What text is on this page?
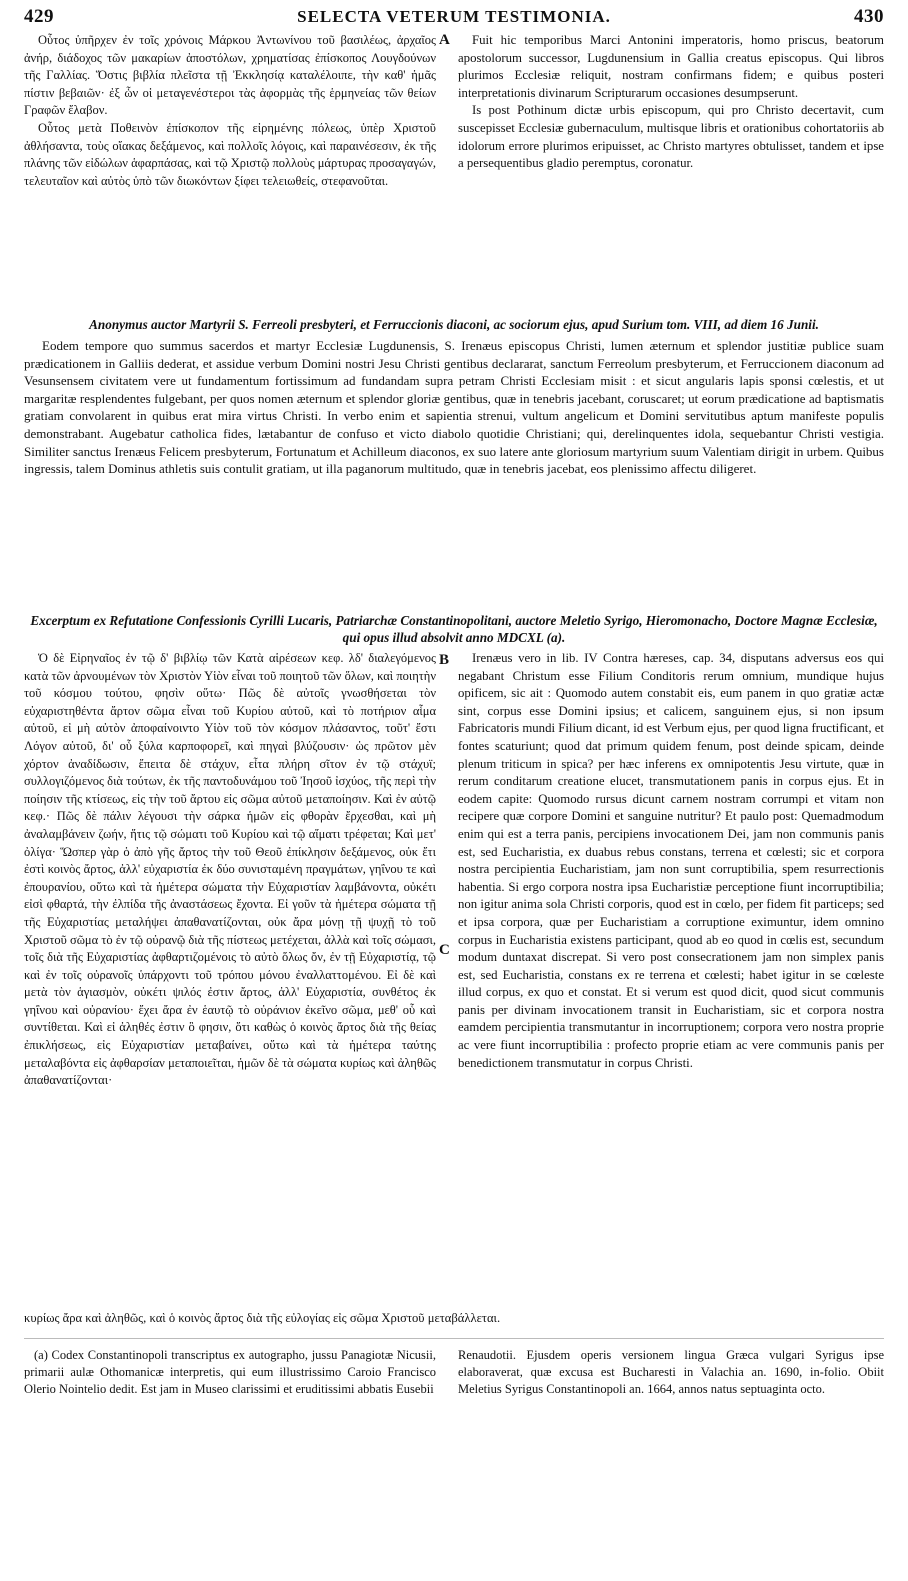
429	SELECTA VETERUM TESTIMONIA.	430

Οὗτος ὑπῆρχεν ἐν τοῖς χρόνοις Μάρκου Ἀντωνίνου τοῦ βασιλέως, ἀρχαῖος ἀνήρ, διάδοχος τῶν μακαρίων ἀποστόλων, χρηματίσας ἐπίσκοπος Λουγδούνων τῆς Γαλλίας. Ὅστις βιβλία πλεῖστα τῇ Ἐκκλησίᾳ καταλέλοιπε, τὴν καθ' ἡμᾶς πίστιν βεβαιῶν· ἐξ ὧν οἱ μεταγενέστεροι τὰς ἀφορμὰς τῆς ἑρμηνείας τῶν θείων Γραφῶν ἔλαβον.

Οὗτος μετὰ Ποθεινὸν ἐπίσκοπον τῆς εἰρημένης πόλεως, ὑπὲρ Χριστοῦ ἀθλήσαντα, τοὺς οἴακας δεξάμενος, καὶ πολλοῖς λόγοις, καὶ παραινέσεσιν, ἐκ τῆς πλάνης τῶν εἰδώλων ἁφαρπάσας, καὶ τῷ Χριστῷ πολλοὺς μάρτυρας προσαγαγών, τελευταῖον καὶ αὐτὸς ὑπὸ τῶν διωκόντων ξίφει τελειωθείς, στεφανοῦται.

A	Fuit hic temporibus Marci Antonini imperatoris, homo priscus, beatorum apostolorum successor, Lugdunensium in Gallia creatus episcopus. Qui libros plurimos Ecclesiæ reliquit, nostram confirmans fidem; e quibus posteri interpretationis divinarum Scripturarum occasiones desumpserunt.

Is post Pothinum dictæ urbis episcopum, qui pro Christo decertavit, cum suscepisset Ecclesiæ gubernaculum, multisque libris et orationibus cohortatoriis ab idolorum errore plurimos eripuisset, ac Christo martyres obtulisset, tandem et ipse a persequentibus gladio peremptus, coronatur.

Anonymus auctor Martyrii S. Ferreoli presbyteri, et Ferruccionis diaconi, ac sociorum ejus, apud Surium tom. VIII, ad diem 16 Junii.

Eodem tempore quo summus sacerdos et martyr Ecclesiæ Lugdunensis, S. Irenæus episcopus Christi, lumen æternum et splendor justitiæ publice suam prædicationem in Galliis dederat, et assidue verbum Domini nostri Jesu Christi gentibus declararat, sanctum Ferreolum presbyterum, et Ferruccionem diaconum ad Vesunsensem civitatem vere ut fundamentum fortissimum ad fundandam supra petram Christi Ecclesiam misit : et sicut angularis lapis sponsi cœlestis, et ut margaritæ resplendentes fulgebant, per quos nomen æternum et splendor gloriæ gentibus, quæ in tenebris jacebant, coruscaret; ut eorum prædicatione ad baptismatis gratiam convolarent in quibus erat mira virtus Christi. In verbo enim et sapientia strenui, vultum angelicum et Domini servitutibus aptum manifeste populis demonstrabant. Augebatur catholica fides, lætabantur de confuso et victo diabolo quotidie Christiani; qui, derelinquentes idola, sequebantur Christi vestigia. Similiter sanctus Irenæus Felicem presbyterum, Fortunatum et Achilleum diaconos, ex suo latere ante gloriosum martyrium suum Valentiam dirigit in urbem. Quibus ingressis, talem Dominus athletis suis contulit gratiam, ut illa paganorum multitudo, quæ in tenebris jacebat, eos plenissimo affectu diligeret.

Excerptum ex Refutatione Confessionis Cyrilli Lucaris, Patriarchæ Constantinopolitani, auctore Meletio Syrigo, Hieromonacho, Doctore Magnæ Ecclesiæ, qui opus illud absolvit anno MDCXL (a).

Ὁ δὲ Εἰρηναῖος ἐν τῷ δ' βιβλίῳ τῶν Κατὰ αἱρέσεων κεφ. λδ' διαλεγόμενος κατὰ τῶν ἀρνουμένων τὸν Χριστὸν Υἱὸν εἶναι τοῦ ποιητοῦ τῶν ὅλων, καὶ ποιητὴν τοῦ κόσμου τούτου, φησὶν οὕτω· Πῶς δὲ αὐτοῖς γνωσθήσεται τὸν εὐχαριστηθέντα ἄρτον σῶμα εἶναι τοῦ Κυρίου αὐτοῦ, καὶ τὸ ποτήριον αἷμα αὐτοῦ, εἰ μὴ αὐτὸν ἀποφαίνοιντο Υἱὸν τοῦ τὸν κόσμον πλάσαντος, τοῦτ' ἔστι Λόγον αὐτοῦ, δι' οὗ ξύλα καρποφορεῖ, καὶ πηγαὶ βλύζουσιν· ὡς πρῶτον μὲν χόρτον ἀναδίδωσιν, ἔπειτα δὲ στάχυν, εἶτα πλήρη σῖτον ἐν τῷ στάχυϊ; συλλογιζόμενος διὰ τούτων, ἐκ τῆς παντοδυνάμου τοῦ Ἰησοῦ ἰσχύος, τῆς περὶ τὴν ποίησιν τῆς κτίσεως, εἰς τὴν τοῦ ἄρτου εἰς σῶμα αὐτοῦ μεταποίησιν. Καὶ ἐν αὐτῷ κεφ.· Πῶς δὲ πάλιν λέγουσι τὴν σάρκα ἡμῶν εἰς φθορὰν ἔρχεσθαι, καὶ μὴ ἀναλαμβάνειν ζωήν, ἥτις τῷ σώματι τοῦ Κυρίου καὶ τῷ αἵματι τρέφεται; Καὶ μετ' ὀλίγα· Ὥσπερ γὰρ ὁ ἀπὸ γῆς ἄρτος τὴν τοῦ Θεοῦ ἐπίκλησιν δεξάμενος, οὐκ ἔτι ἐστὶ κοινὸς ἄρτος, ἀλλ' εὐχαριστία ἐκ δύο συνισταμένη πραγμάτων, γηΐνου τε καὶ ἐπουρανίου, οὕτω καὶ τὰ ἡμέτερα σώματα τὴν Εὐχαριστίαν λαμβάνοντα, οὐκέτι εἰσὶ φθαρτά, τὴν ἐλπίδα τῆς ἀναστάσεως ἔχοντα. Εἰ γοῦν τὰ ἡμέτερα σώματα τῇ τῆς Εὐχαριστίας μεταλήψει ἀπαθανατίζονται, οὐκ ἄρα μόνῃ τῇ ψυχῇ τὸ τοῦ Χριστοῦ σῶμα τὸ ἐν τῷ οὐρανῷ διὰ τῆς πίστεως μετέχεται, ἀλλὰ καὶ τοῖς σώμασι, τοῖς διὰ τῆς Εὐχαριστίας ἀφθαρτιζομένοις τὸ αὐτὸ ὅλως ὄν, ἐν τῇ Εὐχαριστίᾳ, τῷ καὶ ἐν τοῖς οὐρανοῖς ὑπάρχοντι τοῦ τρόπου μόνου ἐναλλαττομένου. Εἰ δὲ καὶ μετὰ τὸν ἁγιασμὸν, οὐκέτι ψιλός ἐστιν ἄρτος, ἀλλ' Εὐχαριστία, συνθέτος ἐκ γηΐνου καὶ οὐρανίου· ἔχει ἄρα ἐν ἑαυτῷ τὸ οὐράνιον ἐκεῖνο σῶμα, μεθ' οὗ καὶ συντίθεται. Καὶ εἰ ἀληθές ἐστιν ὃ φησιν, ὅτι καθὼς ὁ κοινὸς ἄρτος διὰ τῆς θείας ἐπικλήσεως, εἰς Εὐχαριστίαν μεταβαίνει, οὕτω καὶ τὰ ἡμέτερα ταύτης μεταλαβόντα εἰς ἀφθαρσίαν μεταποιεῖται, ἡμῶν δὲ τὰ σώματα κυρίως καὶ ἀληθῶς ἀπαθανατίζονται·

B
C

Irenæus vero in lib. IV Contra hæreses, cap. 34, disputans adversus eos qui negabant Christum esse Filium Conditoris rerum omnium, mundique hujus opificem, sic ait : Quomodo autem constabit eis, eum panem in quo gratiæ actæ sint, corpus esse Domini ipsius; et calicem, sanguinem ejus, si non ipsum Fabricatoris mundi Filium dicant, id est Verbum ejus, per quod ligna fructificant, et fontes scaturiunt; quod dat primum quidem fenum, post deinde spicam, deinde plenum triticum in spica? per hæc inferens ex omnipotentis Jesu virtute, quæ in rerum conditarum creatione elucet, transmutationem panis in corpus ejus. Et in eodem capite: Quomodo rursus dicunt carnem nostram corrumpi et vitam non recipere quæ corpore Domini et sanguine nutritur? Et paulo post: Quemadmodum enim qui est a terra panis, percipiens invocationem Dei, jam non communis panis est, sed Eucharistia, ex duabus rebus constans, terrena et cœlesti; sic et corpora nostra percipientia Eucharistiam, jam non sunt corruptibilia, spem resurrectionis habentia. Si ergo corpora nostra ipsa Eucharistiæ perceptione fiunt incorruptibilia; non igitur anima sola Christi corporis, quod est in cœlo, per fidem fit particeps; sed et ipsa corpora, quæ per Eucharistiam a corruptione eximuntur, idem omnino corpus in Eucharistia existens participant, quod ab eo quod in cœlis est, secundum modum duntaxat discrepat. Si vero post consecrationem jam non simplex panis est, sed Eucharistia, constans ex re terrena et cœlesti; habet igitur in se cœleste illud corpus, ex quo et constat. Et si verum est quod dicit, quod sicut communis panis per divinam invocationem transit in Eucharistiam, sic et corpora nostra eamdem percipientia transmutantur in incorruptionem; corpora vero nostra proprie ac vere fiunt incorruptibilia : profecto proprie etiam ac vere communis panis per benedictionem transmutatur in corpus Christi.

κυρίως ἄρα καὶ ἀληθῶς, καὶ ὁ κοινὸς ἄρτος διὰ τῆς εὐλογίας εἰς σῶμα Χριστοῦ μεταβάλλεται.

(a) Codex Constantinopoli transcriptus ex autographo, jussu Panagiotæ Nicusii, primarii aulæ Othomanicæ interpretis, qui eum illustrissimo Caroio Francisco Olerio Nointelio dedit. Est jam in Museo clarissimi et eruditissimi abbatis Eusebii
Renaudotii. Ejusdem operis versionem lingua Græca vulgari Syrigus ipse elaboraverat, quæ excusa est Bucharesti in Valachia an. 1690, in-folio. Obiit Meletius Syrigus Constantinopoli an. 1664, annos natus septuaginta octo.
